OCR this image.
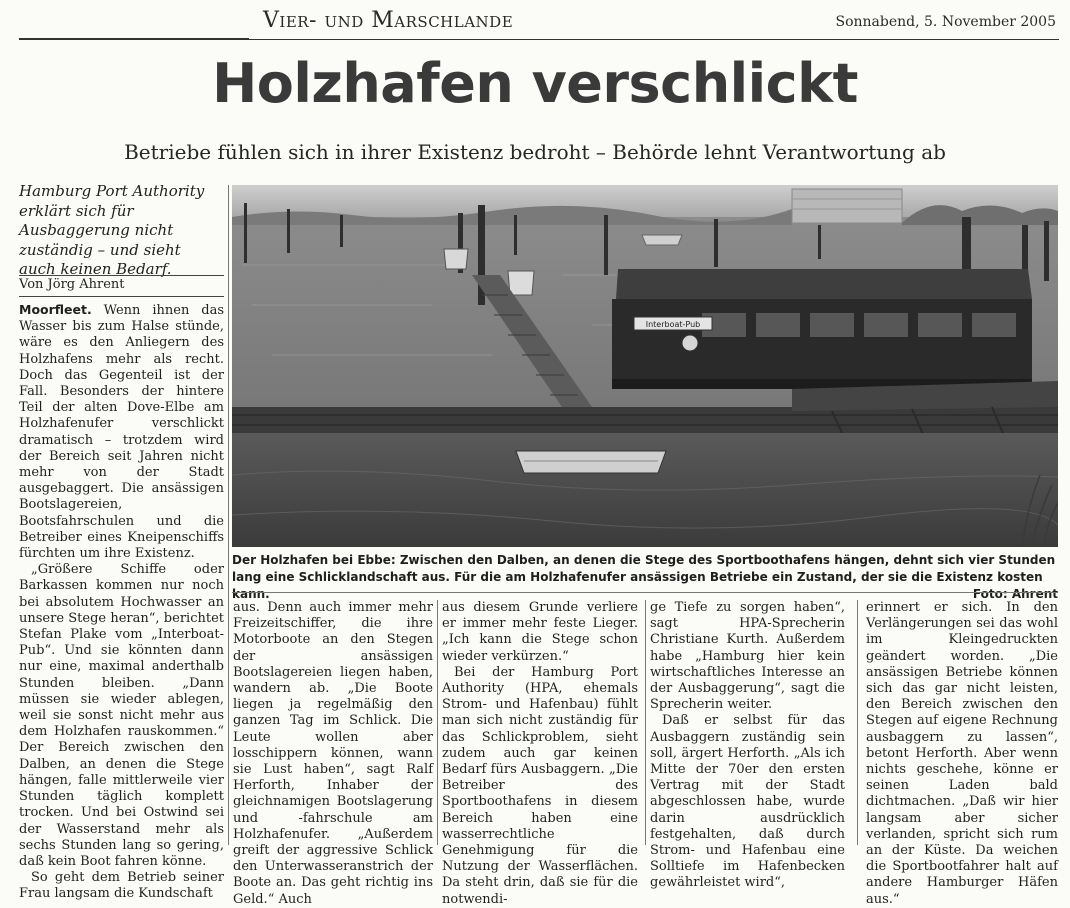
Vier- und Marschlande	Sonnabend, 5. November 2005
Holzhafen verschlickt
Betriebe fühlen sich in ihrer Existenz bedroht – Behörde lehnt Verantwortung ab
Hamburg Port Authority erklärt sich für Ausbaggerung nicht zuständig – und sieht auch keinen Bedarf.
Von Jörg Ahrent

Moorfleet. Wenn ihnen das Wasser bis zum Halse stünde, wäre es den Anliegern des Holzhafens mehr als recht. Doch das Gegenteil ist der Fall. Besonders der hintere Teil der alten Dove-Elbe am Holzhafenufer verschlickt dramatisch – trotzdem wird der Bereich seit Jahren nicht mehr von der Stadt ausgebaggert. Die ansässigen Bootslagereien, Bootsfahrschulen und die Betreiber eines Kneipenschiffs fürchten um ihre Existenz.

„Größere Schiffe oder Barkassen kommen nur noch bei absolutem Hochwasser an unsere Stege heran“, berichtet Stefan Plake vom „Interboat-Pub“. Und sie könnten dann nur eine, maximal anderthalb Stunden bleiben. „Dann müssen sie wieder ablegen, weil sie sonst nicht mehr aus dem Holzhafen rauskommen.“ Der Bereich zwischen den Dalben, an denen die Stege hängen, falle mittlerweile vier Stunden täglich komplett trocken. Und bei Ostwind sei der Wasserstand mehr als sechs Stunden lang so gering, daß kein Boot fahren könne.

So geht dem Betrieb seiner Frau langsam die Kundschaft

Interboat-Pub
Der Holzhafen bei Ebbe: Zwischen den Dalben, an denen die Stege des Sportboothafens hängen, dehnt sich vier Stunden lang eine Schlicklandschaft aus. Für die am Holzhafenufer ansässigen Betriebe ein Zustand, der sie die Existenz kosten kann.	Foto: Ahrent

aus. Denn auch immer mehr Freizeitschiffer, die ihre Motorboote an den Stegen der ansässigen Bootslagereien liegen haben, wandern ab. „Die Boote liegen ja regelmäßig den ganzen Tag im Schlick. Die Leute wollen aber losschippern können, wann sie Lust haben“, sagt Ralf Herforth, Inhaber der gleichnamigen Bootslagerung und -fahrschule am Holzhafenufer. „Außerdem greift der aggressive Schlick den Unterwasseranstrich der Boote an. Das geht richtig ins Geld.“ Auch

aus diesem Grunde verliere er immer mehr feste Lieger. „Ich kann die Stege schon wieder verkürzen.“

Bei der Hamburg Port Authority (HPA, ehemals Strom- und Hafenbau) fühlt man sich nicht zuständig für das Schlickproblem, sieht zudem auch gar keinen Bedarf fürs Ausbaggern. „Die Betreiber des Sportboothafens in diesem Bereich haben eine wasserrechtliche Genehmigung für die Nutzung der Wasserflächen. Da steht drin, daß sie für die notwendi-

ge Tiefe zu sorgen haben“, sagt HPA-Sprecherin Christiane Kurth. Außerdem habe „Hamburg hier kein wirtschaftliches Interesse an der Ausbaggerung“, sagt die Sprecherin weiter.

Daß er selbst für das Ausbaggern zuständig sein soll, ärgert Herforth. „Als ich Mitte der 70er den ersten Vertrag mit der Stadt abgeschlossen habe, wurde darin ausdrücklich festgehalten, daß durch Strom- und Hafenbau eine Solltiefe im Hafenbecken gewährleistet wird“,

erinnert er sich. In den Verlängerungen sei das wohl im Kleingedruckten geändert worden. „Die ansässigen Betriebe können sich das gar nicht leisten, den Bereich zwischen den Stegen auf eigene Rechnung ausbaggern zu lassen“, betont Herforth. Aber wenn nichts geschehe, könne er seinen Laden bald dichtmachen. „Daß wir hier langsam aber sicher verlanden, spricht sich rum an der Küste. Da weichen die Sportbootfahrer halt auf andere Hamburger Häfen aus.“
